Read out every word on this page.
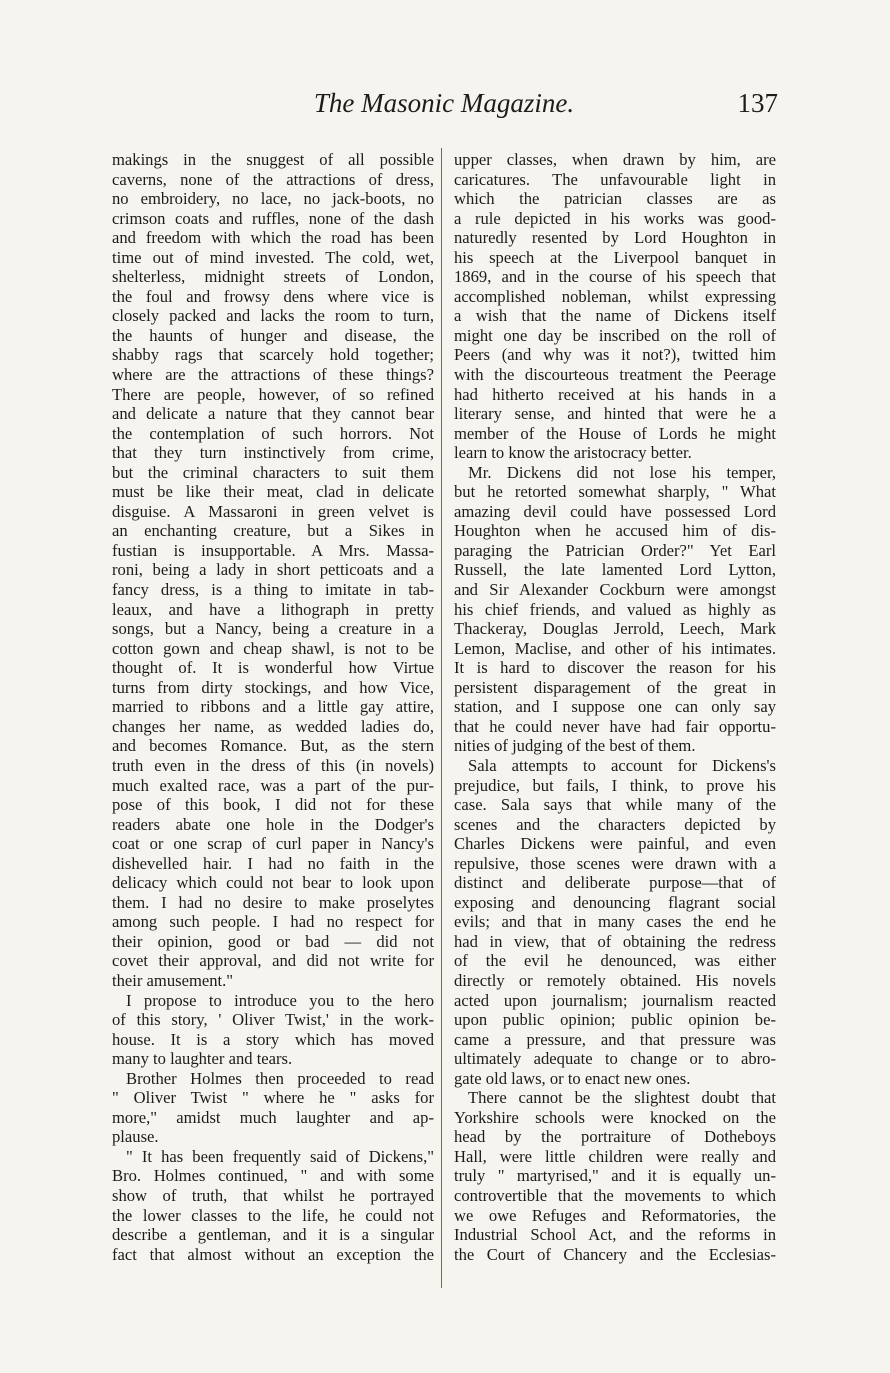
The Masonic Magazine.	137
makings in the snuggest of all possible
caverns, none of the attractions of dress,
no embroidery, no lace, no jack-boots, no
crimson coats and ruffles, none of the dash
and freedom with which the road has been
time out of mind invested. The cold, wet,
shelterless, midnight streets of London,
the foul and frowsy dens where vice is
closely packed and lacks the room to turn,
the haunts of hunger and disease, the
shabby rags that scarcely hold together;
where are the attractions of these things?
There are people, however, of so refined
and delicate a nature that they cannot bear
the contemplation of such horrors. Not
that they turn instinctively from crime,
but the criminal characters to suit them
must be like their meat, clad in delicate
disguise. A Massaroni in green velvet is
an enchanting creature, but a Sikes in
fustian is insupportable. A Mrs. Massa-
roni, being a lady in short petticoats and a
fancy dress, is a thing to imitate in tab-
leaux, and have a lithograph in pretty
songs, but a Nancy, being a creature in a
cotton gown and cheap shawl, is not to be
thought of. It is wonderful how Virtue
turns from dirty stockings, and how Vice,
married to ribbons and a little gay attire,
changes her name, as wedded ladies do,
and becomes Romance. But, as the stern
truth even in the dress of this (in novels)
much exalted race, was a part of the pur-
pose of this book, I did not for these
readers abate one hole in the Dodger's
coat or one scrap of curl paper in Nancy's
dishevelled hair. I had no faith in the
delicacy which could not bear to look upon
them. I had no desire to make proselytes
among such people. I had no respect for
their opinion, good or bad — did not
covet their approval, and did not write for
their amusement."
I propose to introduce you to the hero
of this story, ' Oliver Twist,' in the work-
house. It is a story which has moved
many to laughter and tears.
Brother Holmes then proceeded to read
" Oliver Twist " where he " asks for
more," amidst much laughter and ap-
plause.
" It has been frequently said of Dickens,"
Bro. Holmes continued, " and with some
show of truth, that whilst he portrayed
the lower classes to the life, he could not
describe a gentleman, and it is a singular
fact that almost without an exception the
upper classes, when drawn by him, are
caricatures. The unfavourable light in
which the patrician classes are as
a rule depicted in his works was good-
naturedly resented by Lord Houghton in
his speech at the Liverpool banquet in
1869, and in the course of his speech that
accomplished nobleman, whilst expressing
a wish that the name of Dickens itself
might one day be inscribed on the roll of
Peers (and why was it not?), twitted him
with the discourteous treatment the Peerage
had hitherto received at his hands in a
literary sense, and hinted that were he a
member of the House of Lords he might
learn to know the aristocracy better.
Mr. Dickens did not lose his temper,
but he retorted somewhat sharply, " What
amazing devil could have possessed Lord
Houghton when he accused him of dis-
paraging the Patrician Order?" Yet Earl
Russell, the late lamented Lord Lytton,
and Sir Alexander Cockburn were amongst
his chief friends, and valued as highly as
Thackeray, Douglas Jerrold, Leech, Mark
Lemon, Maclise, and other of his intimates.
It is hard to discover the reason for his
persistent disparagement of the great in
station, and I suppose one can only say
that he could never have had fair opportu-
nities of judging of the best of them.
Sala attempts to account for Dickens's
prejudice, but fails, I think, to prove his
case. Sala says that while many of the
scenes and the characters depicted by
Charles Dickens were painful, and even
repulsive, those scenes were drawn with a
distinct and deliberate purpose—that of
exposing and denouncing flagrant social
evils; and that in many cases the end he
had in view, that of obtaining the redress
of the evil he denounced, was either
directly or remotely obtained. His novels
acted upon journalism; journalism reacted
upon public opinion; public opinion be-
came a pressure, and that pressure was
ultimately adequate to change or to abro-
gate old laws, or to enact new ones.
There cannot be the slightest doubt that
Yorkshire schools were knocked on the
head by the portraiture of Dotheboys
Hall, were little children were really and
truly " martyrised," and it is equally un-
controvertible that the movements to which
we owe Refuges and Reformatories, the
Industrial School Act, and the reforms in
the Court of Chancery and the Ecclesias-
